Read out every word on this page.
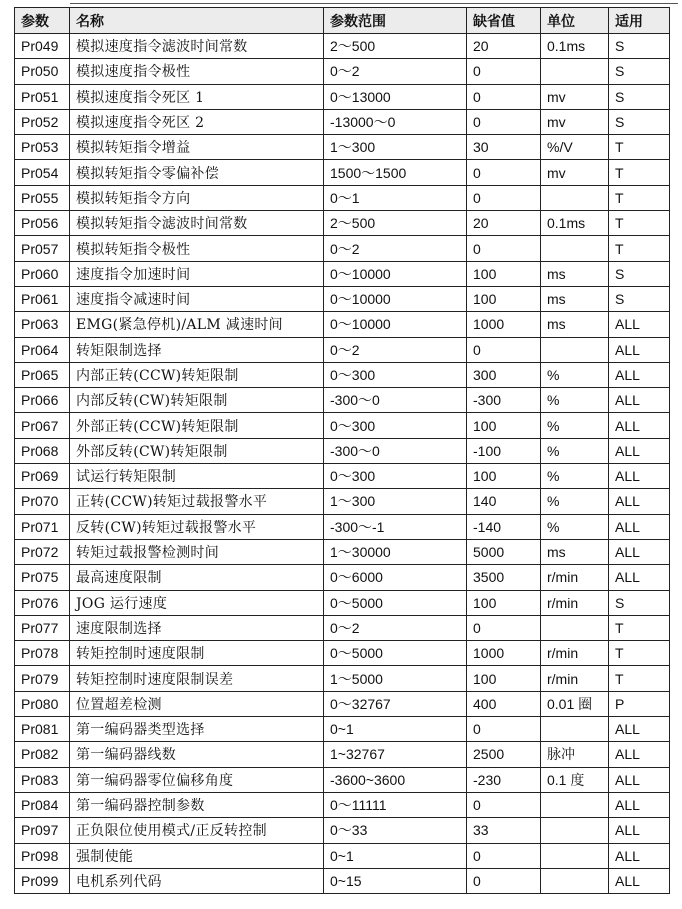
参数	名称	参数范围	缺省值	单位	适用
Pr049	模拟速度指令滤波时间常数	2～500	20	0.1ms	S
Pr050	模拟速度指令极性	0～2	0		S
Pr051	模拟速度指令死区 1	0～13000	0	mv	S
Pr052	模拟速度指令死区 2	-13000～0	0	mv	S
Pr053	模拟转矩指令增益	1～300	30	%/V	T
Pr054	模拟转矩指令零偏补偿	1500～1500	0	mv	T
Pr055	模拟转矩指令方向	0～1	0		T
Pr056	模拟转矩指令滤波时间常数	2～500	20	0.1ms	T
Pr057	模拟转矩指令极性	0～2	0		T
Pr060	速度指令加速时间	0～10000	100	ms	S
Pr061	速度指令减速时间	0～10000	100	ms	S
Pr063	EMG(紧急停机)/ALM 减速时间	0～10000	1000	ms	ALL
Pr064	转矩限制选择	0～2	0		ALL
Pr065	内部正转(CCW)转矩限制	0～300	300	%	ALL
Pr066	内部反转(CW)转矩限制	-300～0	-300	%	ALL
Pr067	外部正转(CCW)转矩限制	0～300	100	%	ALL
Pr068	外部反转(CW)转矩限制	-300～0	-100	%	ALL
Pr069	试运行转矩限制	0～300	100	%	ALL
Pr070	正转(CCW)转矩过载报警水平	1～300	140	%	ALL
Pr071	反转(CW)转矩过载报警水平	-300～-1	-140	%	ALL
Pr072	转矩过载报警检测时间	1～30000	5000	ms	ALL
Pr075	最高速度限制	0～6000	3500	r/min	ALL
Pr076	JOG 运行速度	0～5000	100	r/min	S
Pr077	速度限制选择	0～2	0		T
Pr078	转矩控制时速度限制	0～5000	1000	r/min	T
Pr079	转矩控制时速度限制误差	1～5000	100	r/min	T
Pr080	位置超差检测	0～32767	400	0.01 圈	P
Pr081	第一编码器类型选择	0~1	0		ALL
Pr082	第一编码器线数	1~32767	2500	脉冲	ALL
Pr083	第一编码器零位偏移角度	-3600~3600	-230	0.1 度	ALL
Pr084	第一编码器控制参数	0～11111	0		ALL
Pr097	正负限位使用模式/正反转控制	0～33	33		ALL
Pr098	强制使能	0~1	0		ALL
Pr099	电机系列代码	0~15	0		ALL
